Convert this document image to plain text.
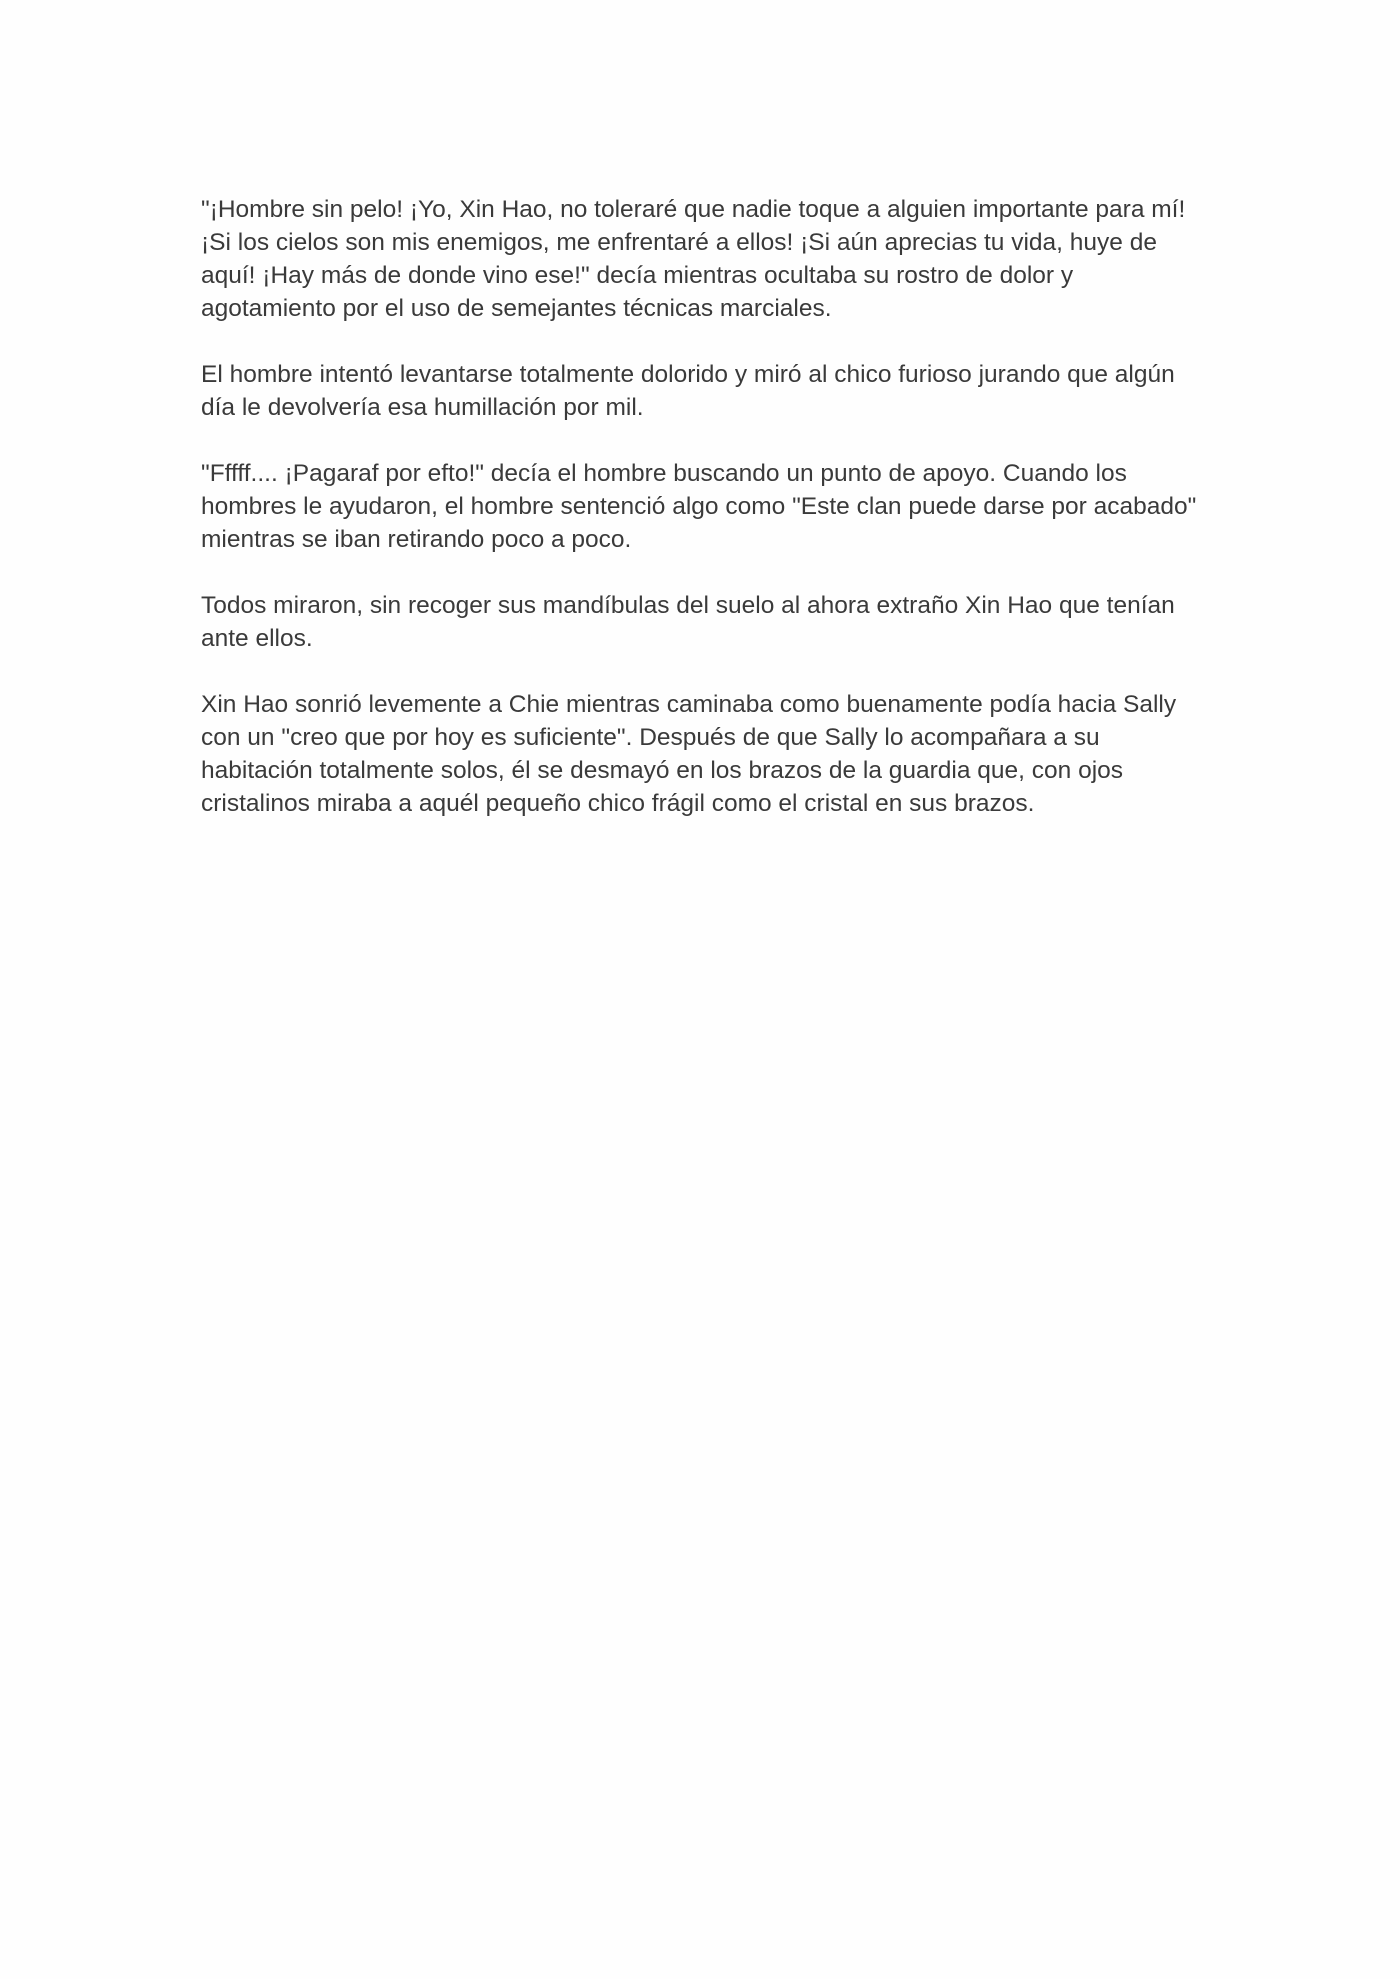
"¡Hombre sin pelo! ¡Yo, Xin Hao, no toleraré que nadie toque a alguien importante para mí! ¡Si los cielos son mis enemigos, me enfrentaré a ellos! ¡Si aún aprecias tu vida, huye de aquí! ¡Hay más de donde vino ese!" decía mientras ocultaba su rostro de dolor y agotamiento por el uso de semejantes técnicas marciales.

El hombre intentó levantarse totalmente dolorido y miró al chico furioso jurando que algún día le devolvería esa humillación por mil.

"Fffff.... ¡Pagaraf por efto!" decía el hombre buscando un punto de apoyo. Cuando los hombres le ayudaron, el hombre sentenció algo como "Este clan puede darse por acabado" mientras se iban retirando poco a poco.

Todos miraron, sin recoger sus mandíbulas del suelo al ahora extraño Xin Hao que tenían ante ellos.

Xin Hao sonrió levemente a Chie mientras caminaba como buenamente podía hacia Sally con un "creo que por hoy es suficiente". Después de que Sally lo acompañara a su habitación totalmente solos, él se desmayó en los brazos de la guardia que, con ojos cristalinos miraba a aquél pequeño chico frágil como el cristal en sus brazos.
